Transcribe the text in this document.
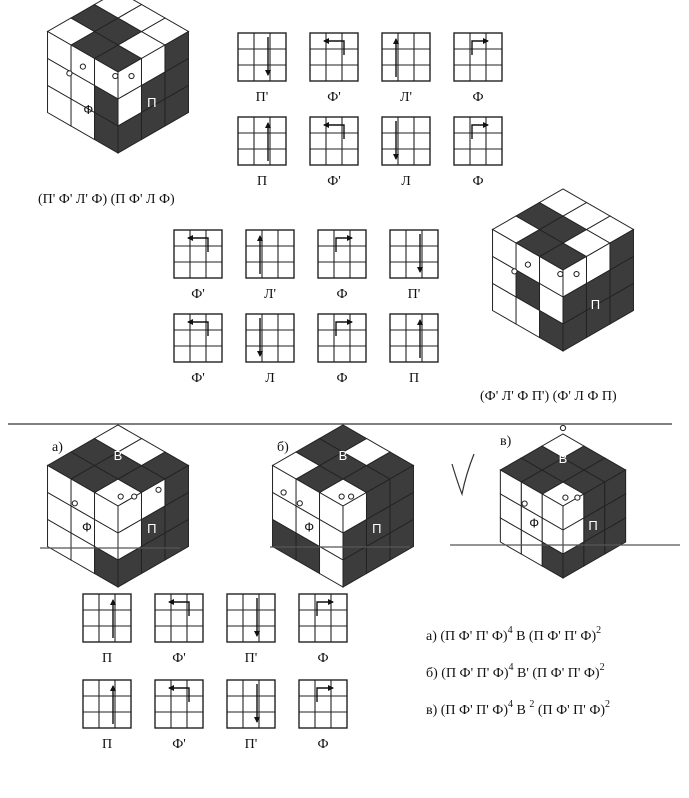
Ф	П
П
В
Ф	П
В
Ф	П
В
Ф	П
П'	Ф'	Л'	Ф
П	Ф'	Л	Ф
Ф'	Л'	Ф	П'
Ф'	Л	Ф	П
П	Ф'	П'	Ф
П	Ф'	П'	Ф
(П' Ф' Л' Ф) (П Ф' Л Ф)
(Ф' Л' Ф П') (Ф' Л Ф П)
а)	б)	в)
а) (П Ф' П' Ф)$^4$ В (П Ф' П' Ф)$^2$
б) (П Ф' П' Ф)$^4$ В' (П Ф' П' Ф)$^2$
в) (П Ф' П' Ф)$^4$ В $^2$ (П Ф' П' Ф)$^2$
